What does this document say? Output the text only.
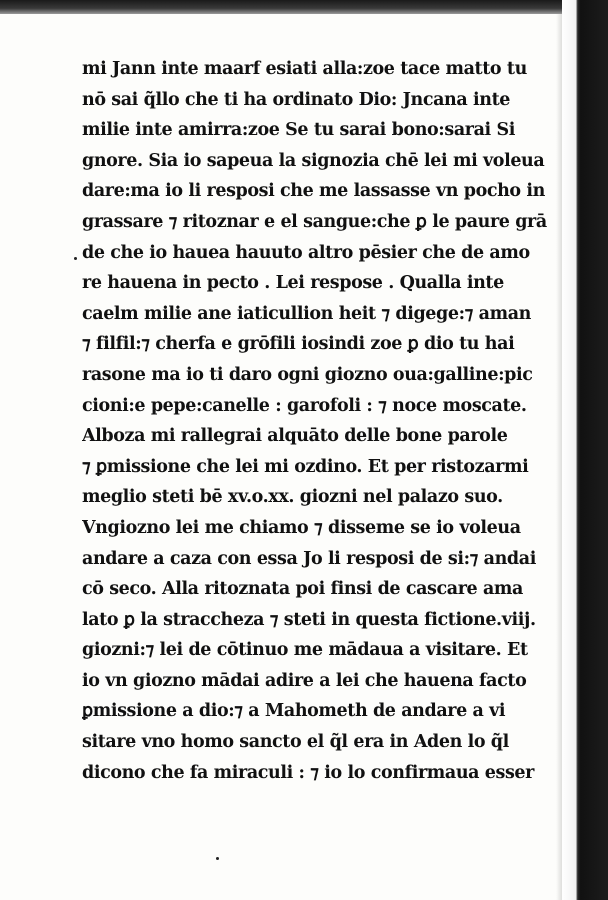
mi Jann inte maarf esiati alla:zoe tace matto tu
nō sai q̃llo che ti ha ordinato Dio: Jncana inte
milie inte amirra:zoe Se tu sarai bono:sarai Si
gnore. Sia io sapeua la signozia chē lei mi voleua
dare:ma io li resposi che me lassasse vn pocho in
grassare ⁊ ritoznar e el sangue:che ꝑ le paure grā
de che io hauea hauuto altro pēsier che de amo
re hauena in pecto . Lei respose . Qualla inte
caelm milie ane iaticullion heit ⁊ digege:⁊ aman
⁊ filfil:⁊ cherfa e grōfili iosindi zoe ꝑ dio tu hai
rasone ma io ti daro ogni giozno oua:galline:pic
cioni:e pepe:canelle : garofoli : ⁊ noce moscate.
Alboza mi rallegrai alquāto delle bone parole
⁊ ꝑmissione che lei mi ozdino. Et per ristozarmi
meglio steti bē xv.o.xx. giozni nel palazo suo.
Vngiozno lei me chiamo ⁊ disseme se io voleua
andare a caza con essa Jo li resposi de si:⁊ andai
cō seco. Alla ritoznata poi finsi de cascare ama
lato ꝑ la straccheza ⁊ steti in questa fictione.viij.
giozni:⁊ lei de cōtinuo me mādaua a visitare. Et
io vn giozno mādai adire a lei che hauena facto
ꝑmissione a dio:⁊ a Mahometh de andare a vi
sitare vno homo sancto el q̃l era in Aden lo q̃l
dicono che fa miraculi : ⁊ io lo confirmaua esser
